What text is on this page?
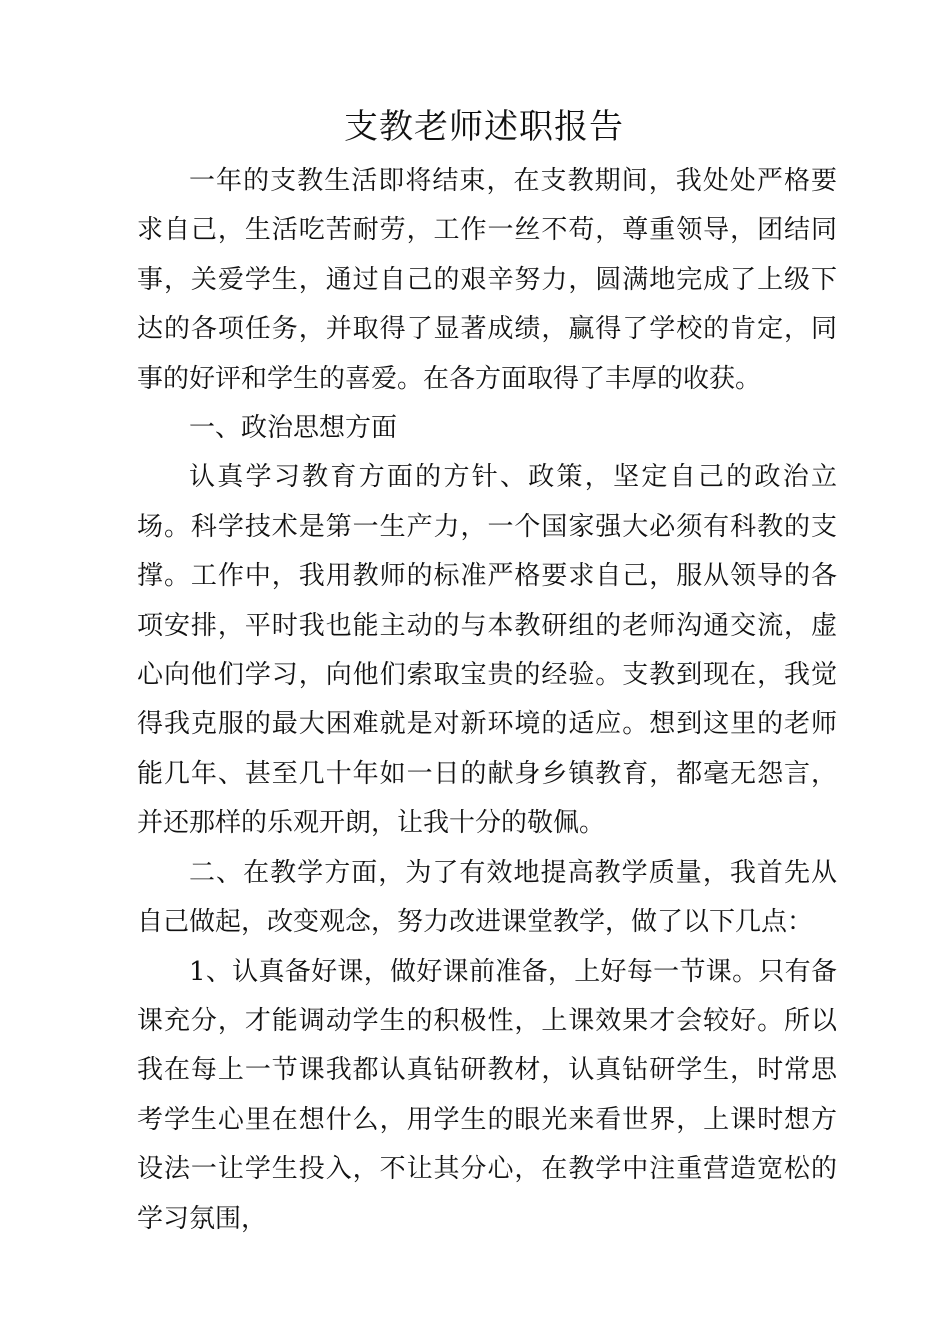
支教老师述职报告

一年的支教生活即将结束，在支教期间，我处处严格要求自己，生活吃苦耐劳，工作一丝不苟，尊重领导，团结同事，关爱学生，通过自己的艰辛努力，圆满地完成了上级下达的各项任务，并取得了显著成绩，赢得了学校的肯定，同事的好评和学生的喜爱。在各方面取得了丰厚的收获。

一、政治思想方面

认真学习教育方面的方针、政策，坚定自己的政治立场。科学技术是第一生产力，一个国家强大必须有科教的支撑。工作中，我用教师的标准严格要求自己，服从领导的各项安排，平时我也能主动的与本教研组的老师沟通交流，虚心向他们学习，向他们索取宝贵的经验。支教到现在，我觉得我克服的最大困难就是对新环境的适应。想到这里的老师能几年、甚至几十年如一日的献身乡镇教育，都毫无怨言，并还那样的乐观开朗，让我十分的敬佩。

二、在教学方面，为了有效地提高教学质量，我首先从自己做起，改变观念，努力改进课堂教学，做了以下几点：

1、认真备好课，做好课前准备，上好每一节课。只有备课充分，才能调动学生的积极性，上课效果才会较好。所以我在每上一节课我都认真钻研教材，认真钻研学生，时常思考学生心里在想什么，用学生的眼光来看世界，上课时想方设法一让学生投入，不让其分心，在教学中注重营造宽松的学习氛围，
